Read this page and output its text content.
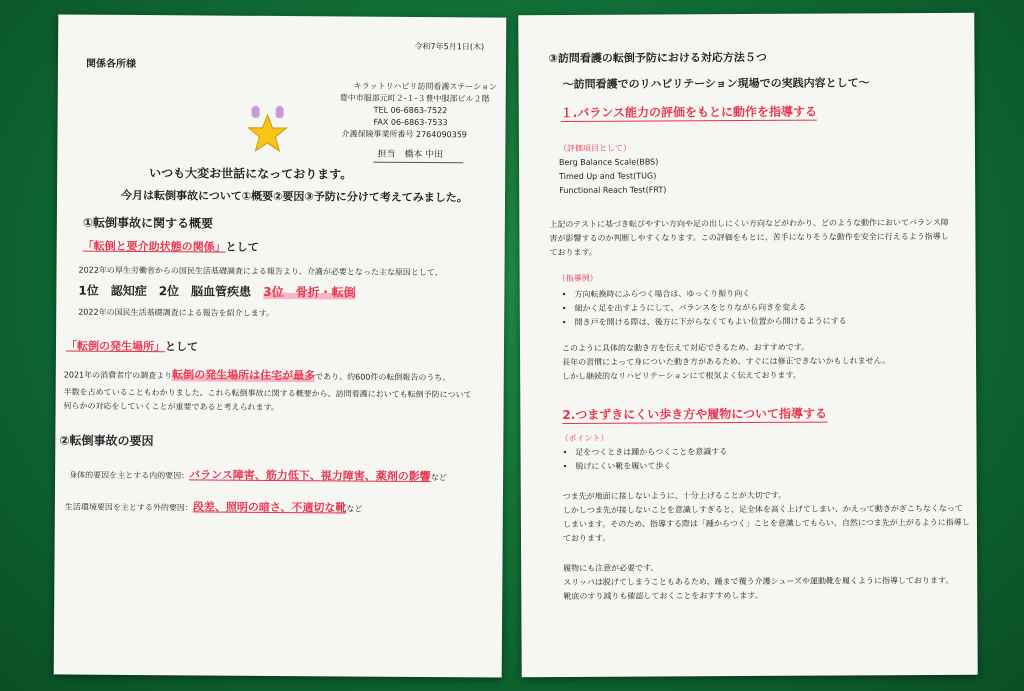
令和7年5月1日(木)
関係各所様
キラットリハビリ訪問看護ステーション
豊中市服部元町２-１-３豊中服部ビル２階
TEL 06-6863-7522
FAX 06-6863-7533
介護保険事業所番号 2764090359
担当　橋本 中田
いつも大変お世話になっております。
今月は転倒事故について①概要②要因③予防に分けて考えてみました。
①転倒事故に関する概要
「転倒と要介助状態の関係」として
2022年の厚生労働省からの国民生活基礎調査による報告より、介護が必要となった主な原因として、
1位　認知症　2位　脳血管疾患 3位　骨折・転倒
2022年の国民生活基礎調査による報告を紹介します。
「転倒の発生場所」として
2021年の消費者庁の調査より転倒の発生場所は住宅が最多であり、約600件の転倒報告のうち、
半数を占めていることもわかりました。これら転倒事故に関する概要から、訪問看護においても転倒予防について
何らかの対応をしていくことが重要であると考えられます。
②転倒事故の要因
身体的要因を主とする内的要因：バランス障害、筋力低下、視力障害、薬剤の影響など
生活環境要因を主とする外的要因：段差、照明の暗さ、不適切な靴など
③訪問看護の転倒予防における対応方法５つ
～訪問看護でのリハビリテーション現場での実践内容として～
１.バランス能力の評価をもとに動作を指導する
（評価項目として）
Berg Balance Scale(BBS)
Timed Up and Test(TUG)
Functional Reach Test(FRT)
上記のテストに基づき転びやすい方向や足の出しにくい方向などがわかり、どのような動作においてバランス障
害が影響するのか判断しやすくなります。この評価をもとに、苦手になりそうな動作を安全に行えるよう指導し
ております。
（指導例）
•　方向転換時にふらつく場合は、ゆっくり振り向く
•　細かく足を出すようにして、バランスをとりながら向きを変える
•　開き戸を開ける際は、後方に下がらなくてもよい位置から開けるようにする
このように具体的な動き方を伝えて対応できるため、おすすめです。
長年の習慣によって身についた動き方があるため、すぐには修正できないかもしれません。
しかし継続的なリハビリテーションにて根気よく伝えております。
2.つまずきにくい歩き方や履物について指導する
（ポイント）
•　足をつくときは踵からつくことを意識する
•　脱げにくい靴を履いて歩く
つま先が地面に接しないように、十分上げることが大切です。
しかしつま先が接しないことを意識しすぎると、足全体を高く上げてしまい、かえって動きがぎこちなくなって
しまいます。そのため、指導する際は「踵からつく」ことを意識してもらい、自然につま先が上がるように指導し
ております。
履物にも注意が必要です。
スリッパは脱げてしまうこともあるため、踵まで覆う介護シューズや運動靴を履くように指導しております。
靴底のすり減りも確認しておくことをおすすめします。
